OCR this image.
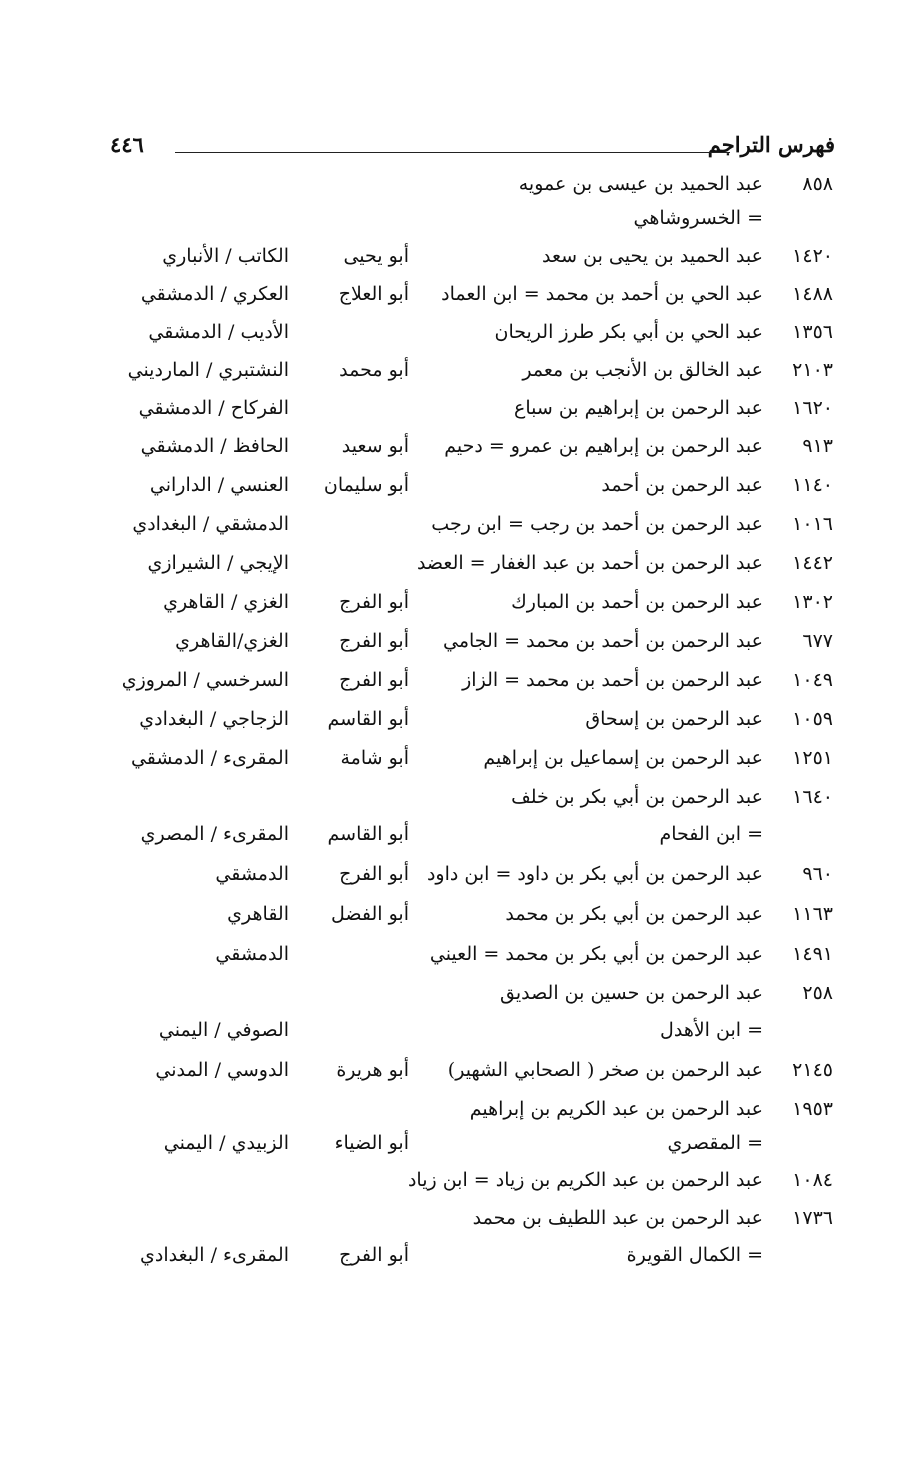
فهرس التراجم
٤٤٦
٨٥٨
عبد الحميد بن عيسى بن عمويه
= الخسروشاهي
١٤٢٠
عبد الحميد بن يحيى بن سعد
أبو يحيى
الكاتب / الأنباري
١٤٨٨
عبد الحي بن أحمد بن محمد = ابن العماد
أبو العلاج
العكري / الدمشقي
١٣٥٦
عبد الحي بن أبي بكر طرز الريحان
الأديب / الدمشقي
٢١٠٣
عبد الخالق بن الأنجب بن معمر
أبو محمد
النشتبري / المارديني
١٦٢٠
عبد الرحمن بن إبراهيم بن سباع
الفركاح / الدمشقي
٩١٣
عبد الرحمن بن إبراهيم بن عمرو = دحيم
أبو سعيد
الحافظ / الدمشقي
١١٤٠
عبد الرحمن بن أحمد
أبو سليمان
العنسي / الداراني
١٠١٦
عبد الرحمن بن أحمد بن رجب = ابن رجب
الدمشقي / البغدادي
١٤٤٢
عبد الرحمن بن أحمد بن عبد الغفار = العضد
الإيجي / الشيرازي
١٣٠٢
عبد الرحمن بن أحمد بن المبارك
أبو الفرج
الغزي / القاهري
٦٧٧
عبد الرحمن بن أحمد بن محمد = الجامي
أبو الفرج
الغزي/القاهري
١٠٤٩
عبد الرحمن بن أحمد بن محمد = الزاز
أبو الفرج
السرخسي / المروزي
١٠٥٩
عبد الرحمن بن إسحاق
أبو القاسم
الزجاجي / البغدادي
١٢٥١
عبد الرحمن بن إسماعيل بن إبراهيم
أبو شامة
المقرىء / الدمشقي
١٦٤٠
عبد الرحمن بن أبي بكر بن خلف
= ابن الفحام
أبو القاسم
المقرىء / المصري
٩٦٠
عبد الرحمن بن أبي بكر بن داود = ابن داود
أبو الفرج
الدمشقي
١١٦٣
عبد الرحمن بن أبي بكر بن محمد
أبو الفضل
القاهري
١٤٩١
عبد الرحمن بن أبي بكر بن محمد = العيني
الدمشقي
٢٥٨
عبد الرحمن بن حسين بن الصديق
= ابن الأهدل
الصوفي / اليمني
٢١٤٥
عبد الرحمن بن صخر ( الصحابي الشهير)
أبو هريرة
الدوسي / المدني
١٩٥٣
عبد الرحمن بن عبد الكريم بن إبراهيم
= المقصري
أبو الضياء
الزبيدي / اليمني
١٠٨٤
عبد الرحمن بن عبد الكريم بن زياد = ابن زياد
١٧٣٦
عبد الرحمن بن عبد اللطيف بن محمد
= الكمال القويرة
أبو الفرج
المقرىء / البغدادي
